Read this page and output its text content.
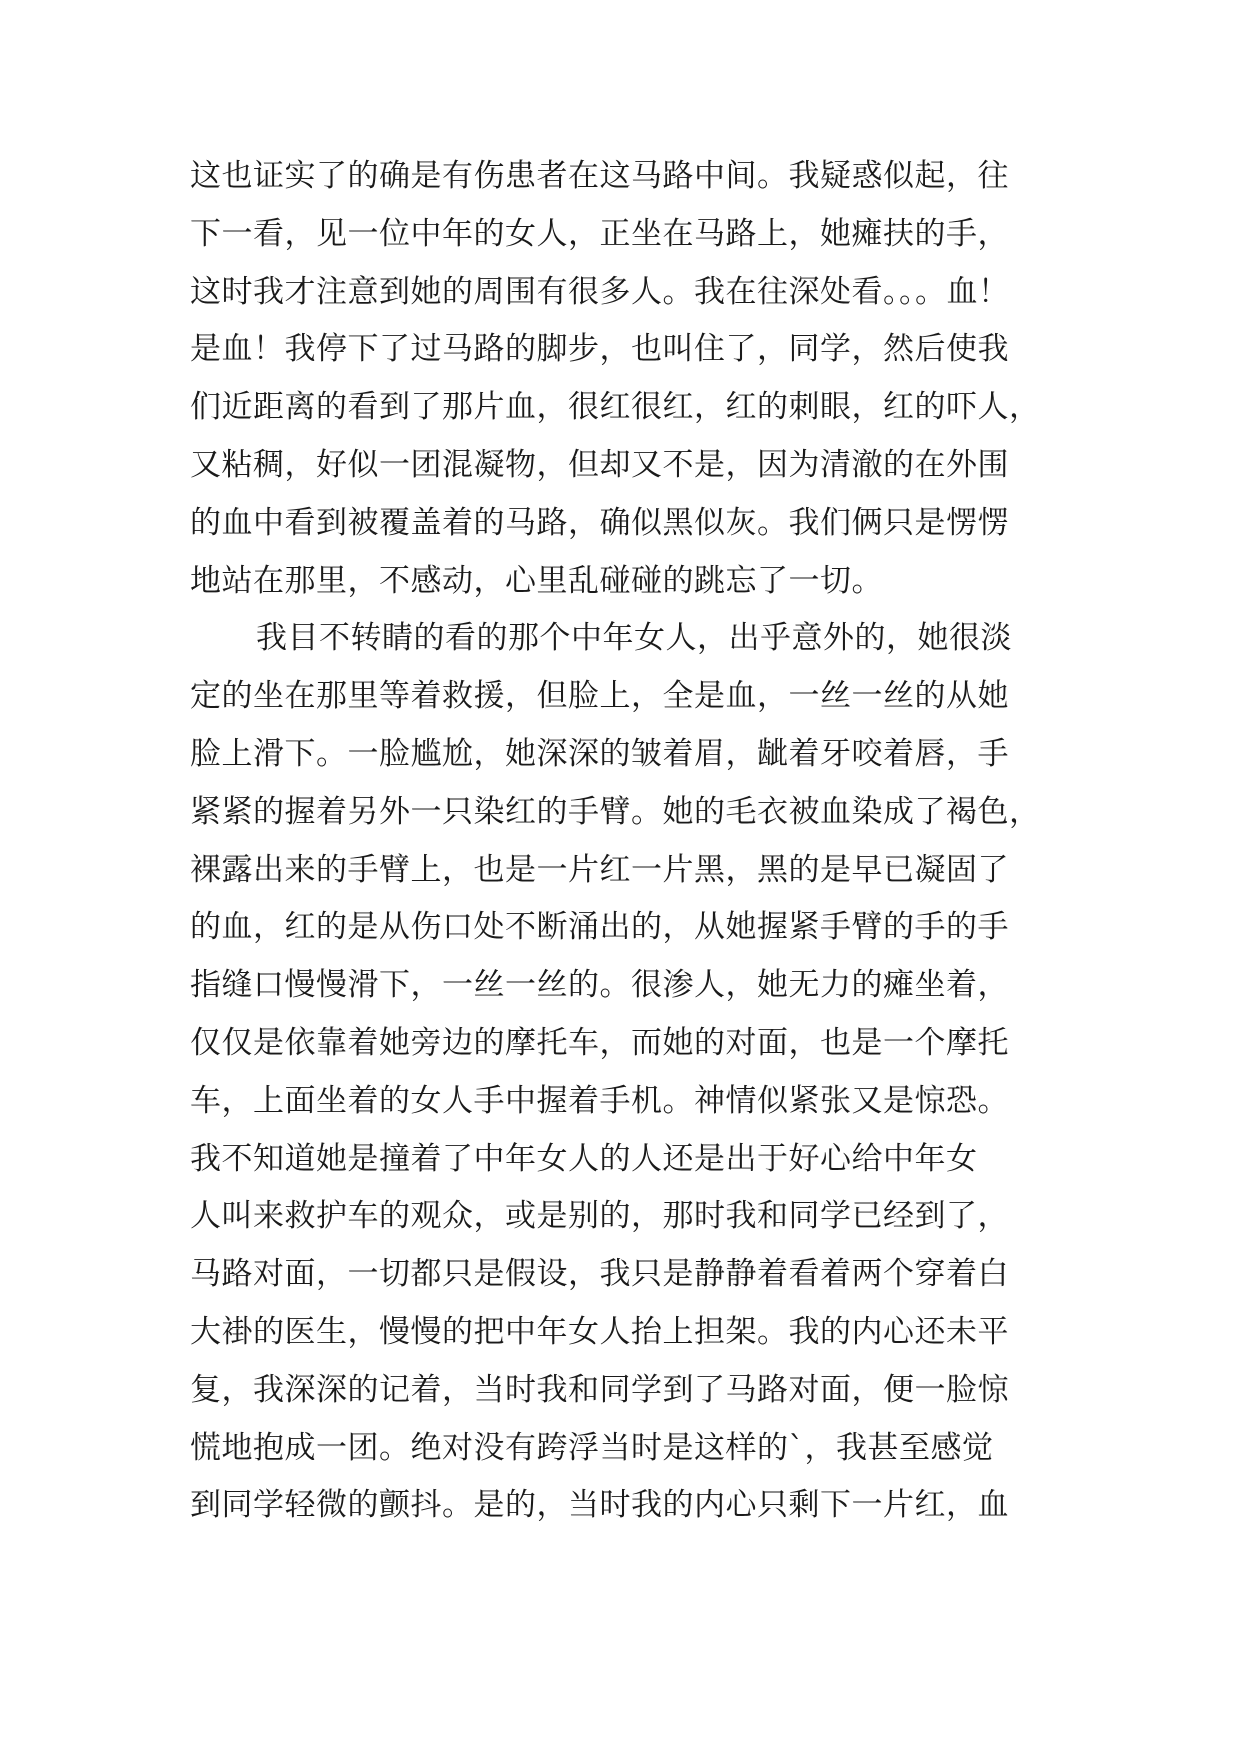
这也证实了的确是有伤患者在这马路中间。我疑惑似起，往
下一看，见一位中年的女人，正坐在马路上，她瘫扶的手，
这时我才注意到她的周围有很多人。我在往深处看。。。血！
是血！我停下了过马路的脚步，也叫住了，同学，然后使我
们近距离的看到了那片血，很红很红，红的刺眼，红的吓人，
又粘稠，好似一团混凝物，但却又不是，因为清澈的在外围
的血中看到被覆盖着的马路，确似黑似灰。我们俩只是愣愣
地站在那里，不感动，心里乱碰碰的跳忘了一切。
我目不转睛的看的那个中年女人，出乎意外的，她很淡
定的坐在那里等着救援，但脸上，全是血，一丝一丝的从她
脸上滑下。一脸尴尬，她深深的皱着眉，龇着牙咬着唇，手
紧紧的握着另外一只染红的手臂。她的毛衣被血染成了褐色，
裸露出来的手臂上，也是一片红一片黑，黑的是早已凝固了
的血，红的是从伤口处不断涌出的，从她握紧手臂的手的手
指缝口慢慢滑下，一丝一丝的。很渗人，她无力的瘫坐着，
仅仅是依靠着她旁边的摩托车，而她的对面，也是一个摩托
车，上面坐着的女人手中握着手机。神情似紧张又是惊恐。
我不知道她是撞着了中年女人的人还是出于好心给中年女
人叫来救护车的观众，或是别的，那时我和同学已经到了，
马路对面，一切都只是假设，我只是静静着看着两个穿着白
大褂的医生，慢慢的把中年女人抬上担架。我的内心还未平
复，我深深的记着，当时我和同学到了马路对面，便一脸惊
慌地抱成一团。绝对没有跨浮当时是这样的`，我甚至感觉
到同学轻微的颤抖。是的，当时我的内心只剩下一片红，血
